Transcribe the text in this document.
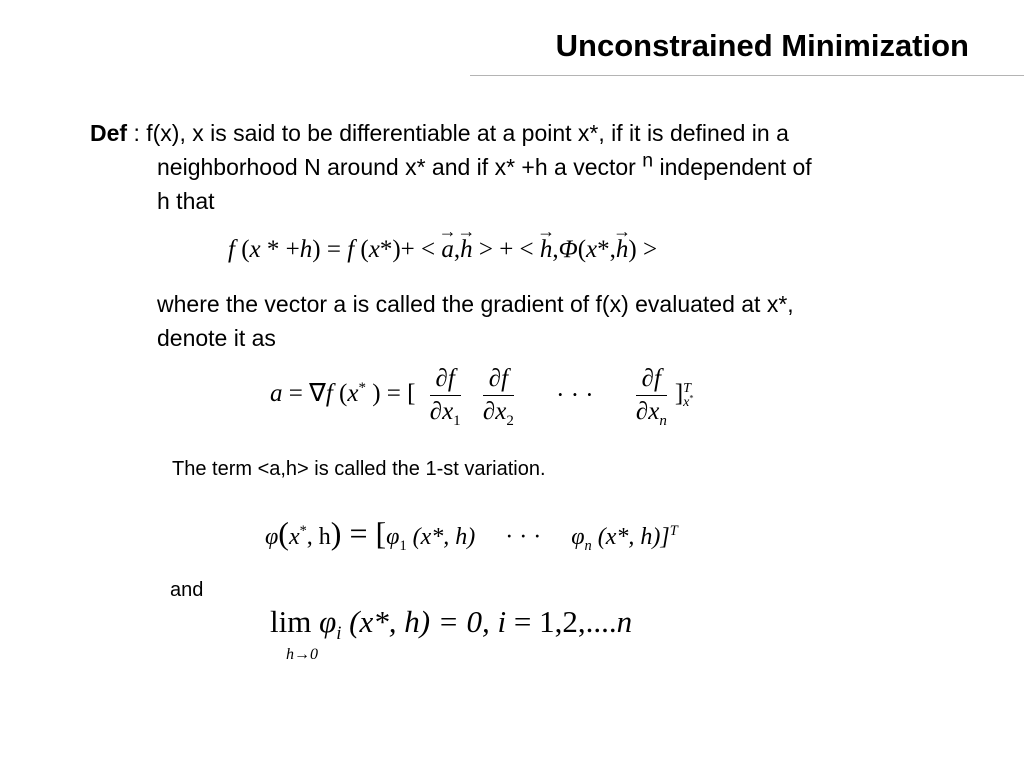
Unconstrained Minimization

Def : f(x), x is said to be differentiable at a point x*, if it is defined in a

neighborhood N around x* and if x* +h a vector $^n$ independent of
h that

f (x * +h) = f (x*)+ < → a,→ h > + < → h,Φ(x*,→ h) >

where the vector a is called the gradient of f(x) evaluated at x*,
denote it as

a = ∇f (x* ) = [ $\frac{\partial f}{\partial x_1}$
$\frac{\partial f}{\partial x_2}$ · · · $\frac{\partial f}{\partial x_n}$ ] T
x*

The term <a,h> is called the 1-st variation.

φ(x*, $h) = [\varphi_1$ (x*, h) · · · $\varphi_n$ (x*, h)]$^T$

and

$\lim \varphi_i$ (x*, h) = 0, i = 1,2,....n
h→0
